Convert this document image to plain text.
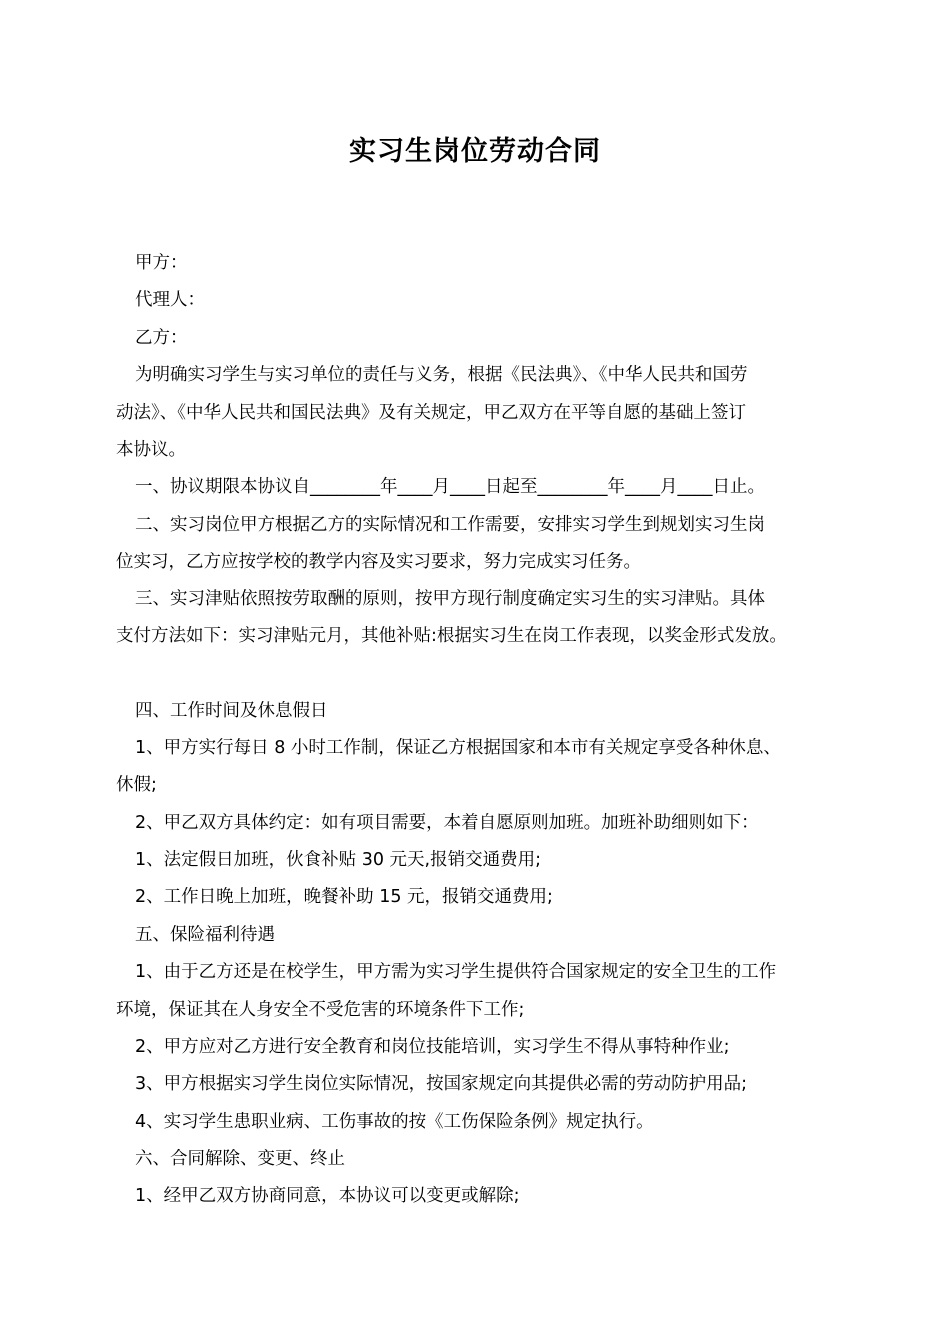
实习生岗位劳动合同
甲方：
代理人：
乙方：
为明确实习学生与实习单位的责任与义务，根据《民法典》、《中华人民共和国劳
动法》、《中华人民共和国民法典》及有关规定，甲乙双方在平等自愿的基础上签订
本协议。
一、协议期限本协议自________年____月____日起至________年____月____日止。
二、实习岗位甲方根据乙方的实际情况和工作需要，安排实习学生到规划实习生岗
位实习，乙方应按学校的教学内容及实习要求，努力完成实习任务。
三、实习津贴依照按劳取酬的原则，按甲方现行制度确定实习生的实习津贴。具体
支付方法如下：实习津贴元月，其他补贴:根据实习生在岗工作表现，以奖金形式发放。
四、工作时间及休息假日
1、甲方实行每日 8 小时工作制，保证乙方根据国家和本市有关规定享受各种休息、
休假;
2、甲乙双方具体约定：如有项目需要，本着自愿原则加班。加班补助细则如下：
1、法定假日加班，伙食补贴 30 元天,报销交通费用;
2、工作日晚上加班，晚餐补助 15 元，报销交通费用;
五、保险福利待遇
1、由于乙方还是在校学生，甲方需为实习学生提供符合国家规定的安全卫生的工作
环境，保证其在人身安全不受危害的环境条件下工作;
2、甲方应对乙方进行安全教育和岗位技能培训，实习学生不得从事特种作业;
3、甲方根据实习学生岗位实际情况，按国家规定向其提供必需的劳动防护用品;
4、实习学生患职业病、工伤事故的按《工伤保险条例》规定执行。
六、合同解除、变更、终止
1、经甲乙双方协商同意，本协议可以变更或解除;
